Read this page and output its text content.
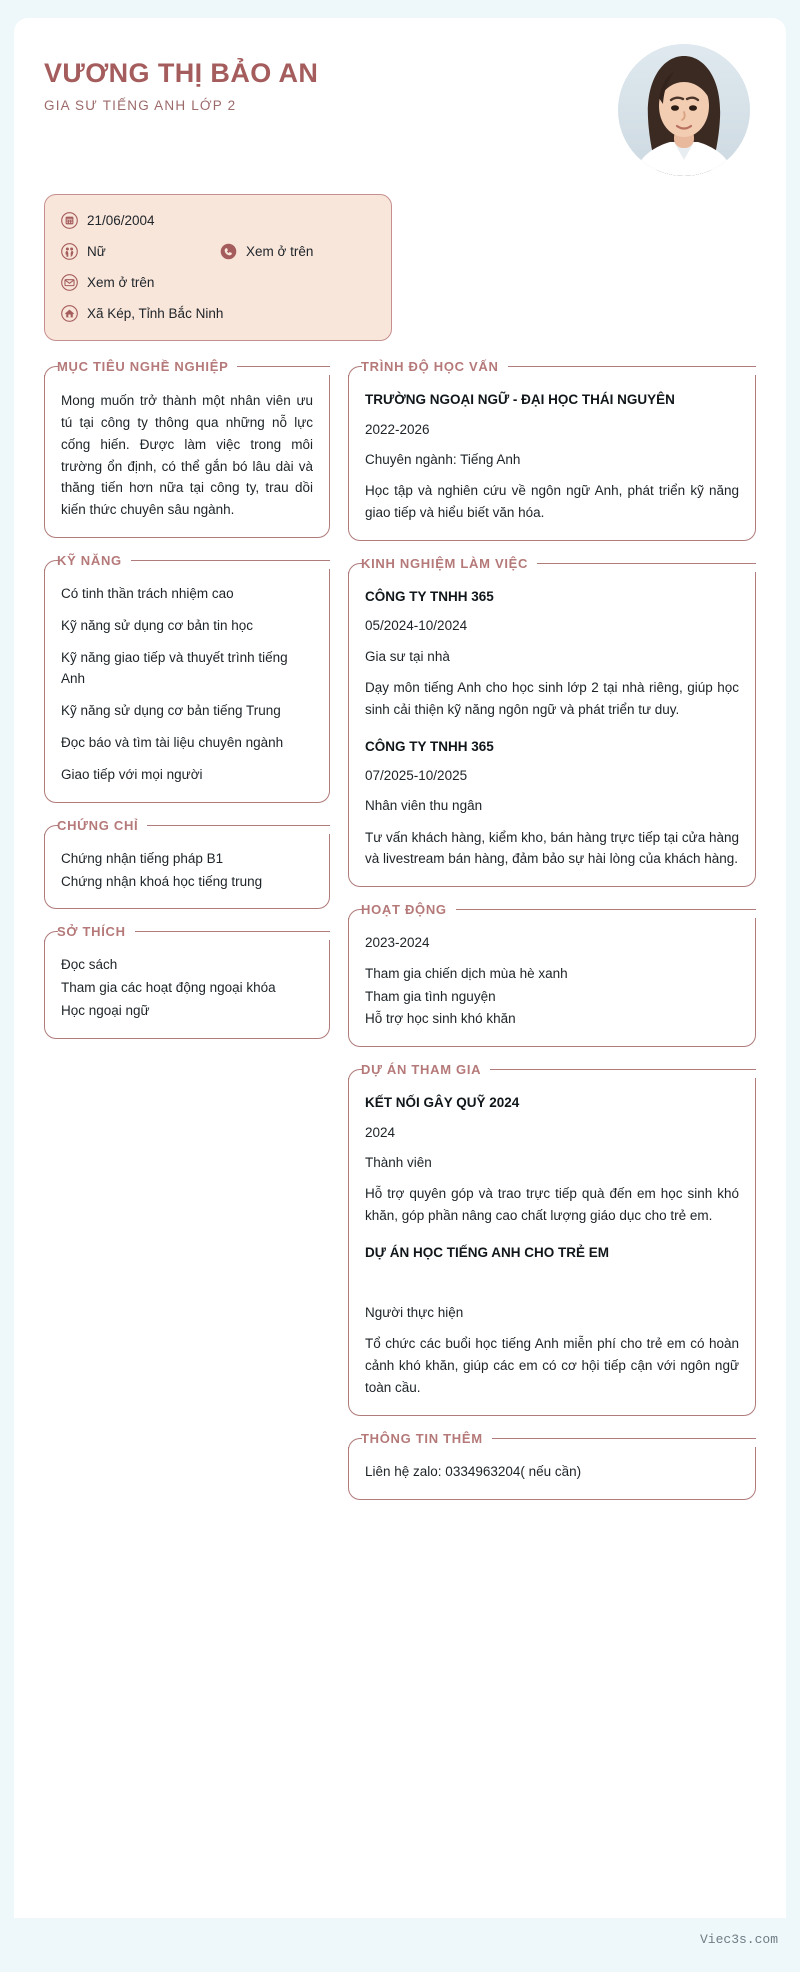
VƯƠNG THỊ BẢO AN
GIA SƯ TIẾNG ANH LỚP 2
21/06/2004
Nữ	Xem ở trên
Xem ở trên
Xã Kép, Tỉnh Bắc Ninh
MỤC TIÊU NGHỀ NGHIỆP
Mong muốn trở thành một nhân viên ưu tú tại công ty thông qua những nỗ lực cống hiến. Được làm việc trong môi trường ổn định, có thể gắn bó lâu dài và thăng tiến hơn nữa tại công ty, trau dồi kiến thức chuyên sâu ngành.
KỸ NĂNG
Có tinh thần trách nhiệm cao
Kỹ năng sử dụng cơ bản tin học
Kỹ năng giao tiếp và thuyết trình tiếng Anh
Kỹ năng sử dụng cơ bản tiếng Trung
Đọc báo và tìm tài liệu chuyên ngành
Giao tiếp với mọi người
CHỨNG CHỈ
Chứng nhận tiếng pháp B1
Chứng nhận khoá học tiếng trung
SỞ THÍCH
Đọc sách
Tham gia các hoạt động ngoại khóa
Học ngoại ngữ
TRÌNH ĐỘ HỌC VẤN
TRƯỜNG NGOẠI NGỮ - ĐẠI HỌC THÁI NGUYÊN
2022-2026
Chuyên ngành: Tiếng Anh
Học tập và nghiên cứu về ngôn ngữ Anh, phát triển kỹ năng giao tiếp và hiểu biết văn hóa.
KINH NGHIỆM LÀM VIỆC
CÔNG TY TNHH 365
05/2024-10/2024
Gia sư tại nhà
Dạy môn tiếng Anh cho học sinh lớp 2 tại nhà riêng, giúp học sinh cải thiện kỹ năng ngôn ngữ và phát triển tư duy.
CÔNG TY TNHH 365
07/2025-10/2025
Nhân viên thu ngân
Tư vấn khách hàng, kiểm kho, bán hàng trực tiếp tại cửa hàng và livestream bán hàng, đảm bảo sự hài lòng của khách hàng.
HOẠT ĐỘNG
2023-2024
Tham gia chiến dịch mùa hè xanh
Tham gia tình nguyện
Hỗ trợ học sinh khó khăn
DỰ ÁN THAM GIA
KẾT NỐI GÂY QUỸ 2024
2024
Thành viên
Hỗ trợ quyên góp và trao trực tiếp quà đến em học sinh khó khăn, góp phần nâng cao chất lượng giáo dục cho trẻ em.
DỰ ÁN HỌC TIẾNG ANH CHO TRẺ EM

Người thực hiện
Tổ chức các buổi học tiếng Anh miễn phí cho trẻ em có hoàn cảnh khó khăn, giúp các em có cơ hội tiếp cận với ngôn ngữ toàn cầu.
THÔNG TIN THÊM
Liên hệ zalo: 0334963204( nếu cần)
Viec3s.com
